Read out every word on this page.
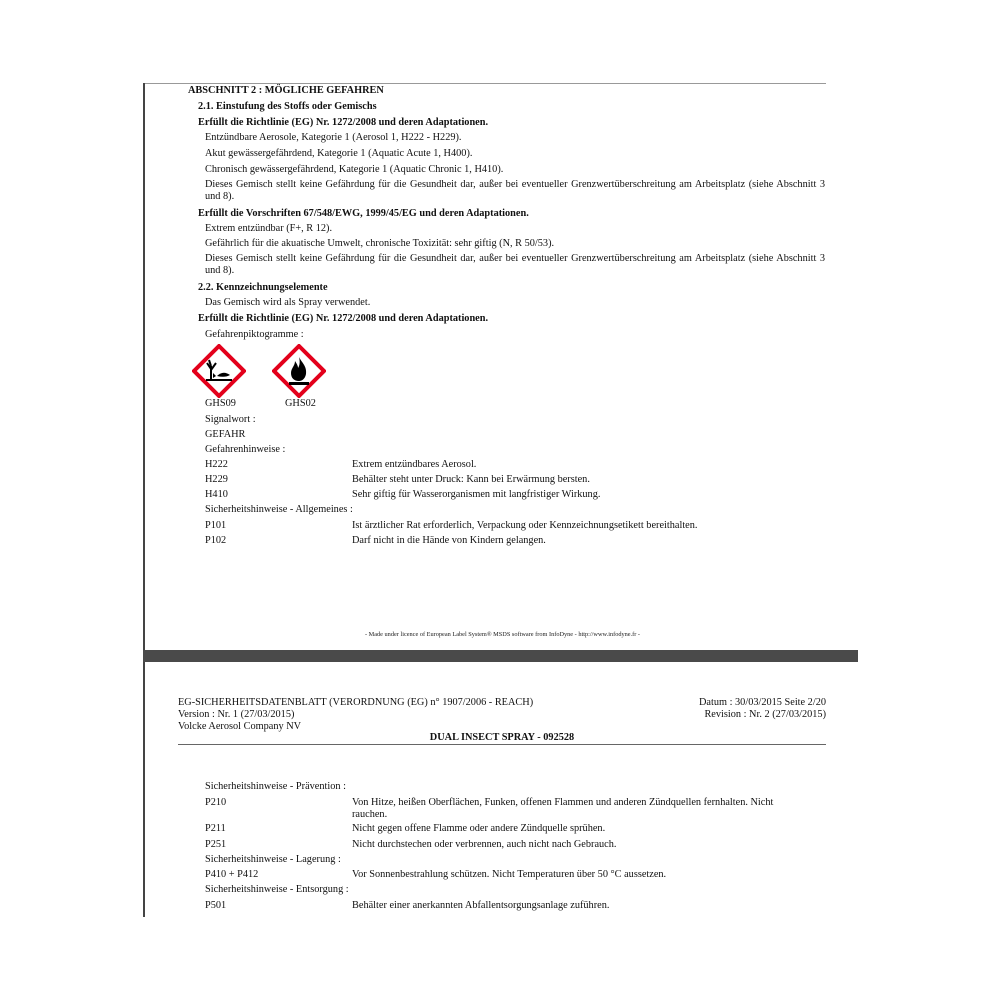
ABSCHNITT 2 : MÖGLICHE GEFAHREN
2.1. Einstufung des Stoffs oder Gemischs
Erfüllt die Richtlinie (EG) Nr. 1272/2008 und deren Adaptationen.
Entzündbare Aerosole, Kategorie 1 (Aerosol 1, H222 - H229).
Akut gewässergefährdend, Kategorie 1 (Aquatic Acute 1, H400).
Chronisch gewässergefährdend, Kategorie 1 (Aquatic Chronic 1, H410).
Dieses Gemisch stellt keine Gefährdung für die Gesundheit dar, außer bei eventueller Grenzwertüberschreitung am Arbeitsplatz (siehe Abschnitt 3 und 8).
Erfüllt die Vorschriften 67/548/EWG, 1999/45/EG und deren Adaptationen.
Extrem entzündbar (F+, R 12).
Gefährlich für die akuatische Umwelt, chronische Toxizität: sehr giftig (N, R 50/53).
Dieses Gemisch stellt keine Gefährdung für die Gesundheit dar, außer bei eventueller Grenzwertüberschreitung am Arbeitsplatz (siehe Abschnitt 3 und 8).
2.2. Kennzeichnungselemente
Das Gemisch wird als Spray verwendet.
Erfüllt die Richtlinie (EG) Nr. 1272/2008 und deren Adaptationen.
Gefahrenpiktogramme :
GHS09	GHS02
Signalwort :
GEFAHR
Gefahrenhinweise :
H222	Extrem entzündbares Aerosol.
H229	Behälter steht unter Druck: Kann bei Erwärmung bersten.
H410	Sehr giftig für Wasserorganismen mit langfristiger Wirkung.
Sicherheitshinweise - Allgemeines :
P101	Ist ärztlicher Rat erforderlich, Verpackung oder Kennzeichnungsetikett bereithalten.
P102	Darf nicht in die Hände von Kindern gelangen.
- Made under licence of European Label System® MSDS software from InfoDyne - http://www.infodyne.fr -
EG-SICHERHEITSDATENBLATT (VERORDNUNG (EG) n° 1907/2006 - REACH)
Version : Nr. 1 (27/03/2015)
Volcke Aerosol Company NV
Datum : 30/03/2015 Seite 2/20
Revision : Nr. 2 (27/03/2015)
DUAL INSECT SPRAY - 092528
Sicherheitshinweise - Prävention :
P210	Von Hitze, heißen Oberflächen, Funken, offenen Flammen und anderen Zündquellen fernhalten. Nicht rauchen.
P211	Nicht gegen offene Flamme oder andere Zündquelle sprühen.
P251	Nicht durchstechen oder verbrennen, auch nicht nach Gebrauch.
Sicherheitshinweise - Lagerung :
P410 + P412	Vor Sonnenbestrahlung schützen. Nicht Temperaturen über 50 °C aussetzen.
Sicherheitshinweise - Entsorgung :
P501	Behälter einer anerkannten Abfallentsorgungsanlage zuführen.
